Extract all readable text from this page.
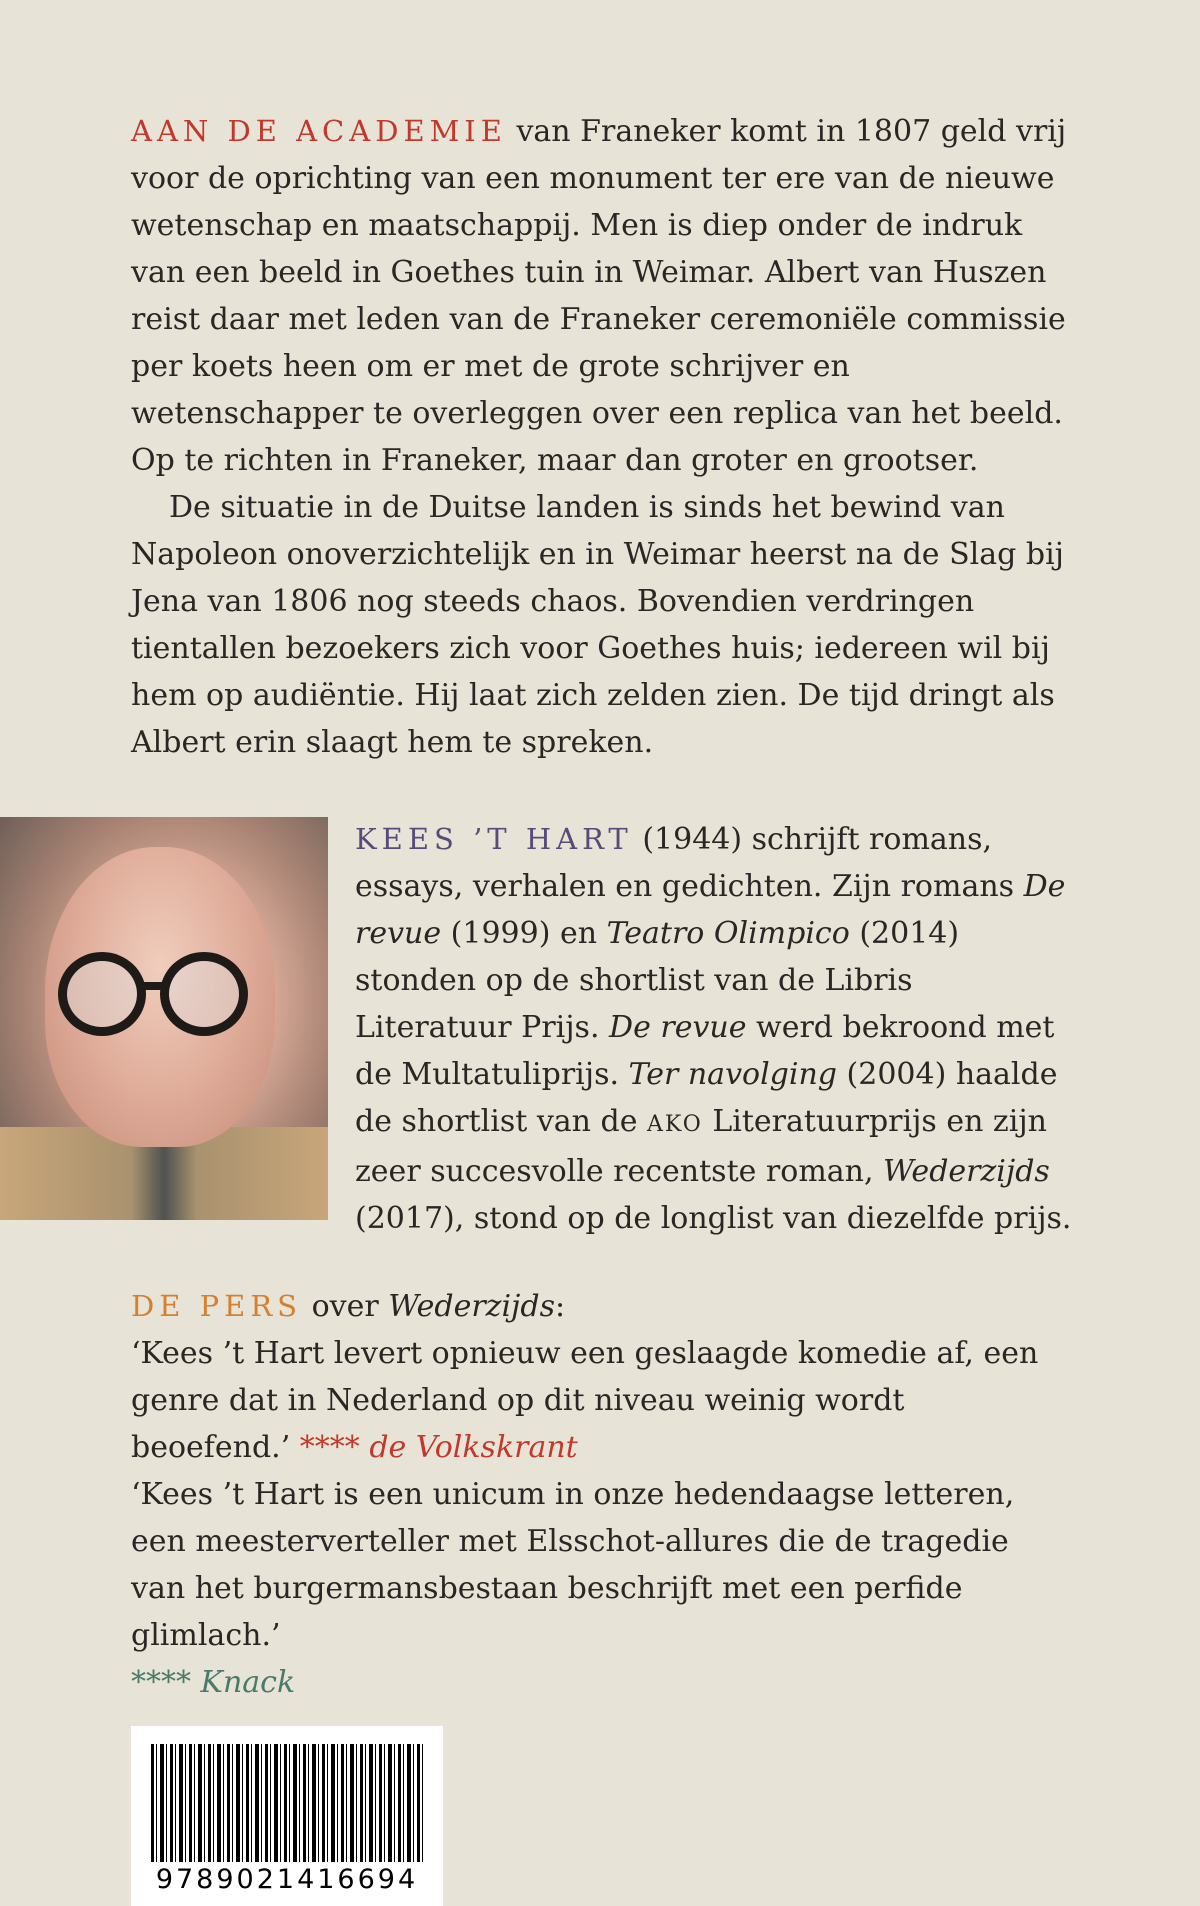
AAN DE ACADEMIE van Franeker komt in 1807 geld vrij voor de oprichting van een monument ter ere van de nieuwe wetenschap en maatschappij. Men is diep onder de indruk van een beeld in Goethes tuin in Weimar. Albert van Huszen reist daar met leden van de Franeker ceremoniële commissie per koets heen om er met de grote schrijver en wetenschapper te overleggen over een replica van het beeld. Op te richten in Franeker, maar dan groter en grootser.

De situatie in de Duitse landen is sinds het bewind van Napoleon onoverzichtelijk en in Weimar heerst na de Slag bij Jena van 1806 nog steeds chaos. Bovendien verdringen tientallen bezoekers zich voor Goethes huis; iedereen wil bij hem op audiëntie. Hij laat zich zelden zien. De tijd dringt als Albert erin slaagt hem te spreken.

KEES ’T HART (1944) schrijft romans, essays, verhalen en gedichten. Zijn romans De revue (1999) en Teatro Olimpico (2014) stonden op de shortlist van de Libris Literatuur Prijs. De revue werd bekroond met de Multatuliprijs. Ter navolging (2004) haalde de shortlist van de AKO Literatuurprijs en zijn zeer succesvolle recentste roman, Wederzijds (2017), stond op de longlist van diezelfde prijs.

DE PERS over Wederzijds:

‘Kees ’t Hart levert opnieuw een geslaagde komedie af, een genre dat in Nederland op dit niveau weinig wordt beoefend.’ **** de Volkskrant

‘Kees ’t Hart is een unicum in onze hedendaagse letteren, een meesterverteller met Elsschot-allures die de tragedie van het burgermansbestaan beschrijft met een perfide glimlach.’

**** Knack

9789021416694
